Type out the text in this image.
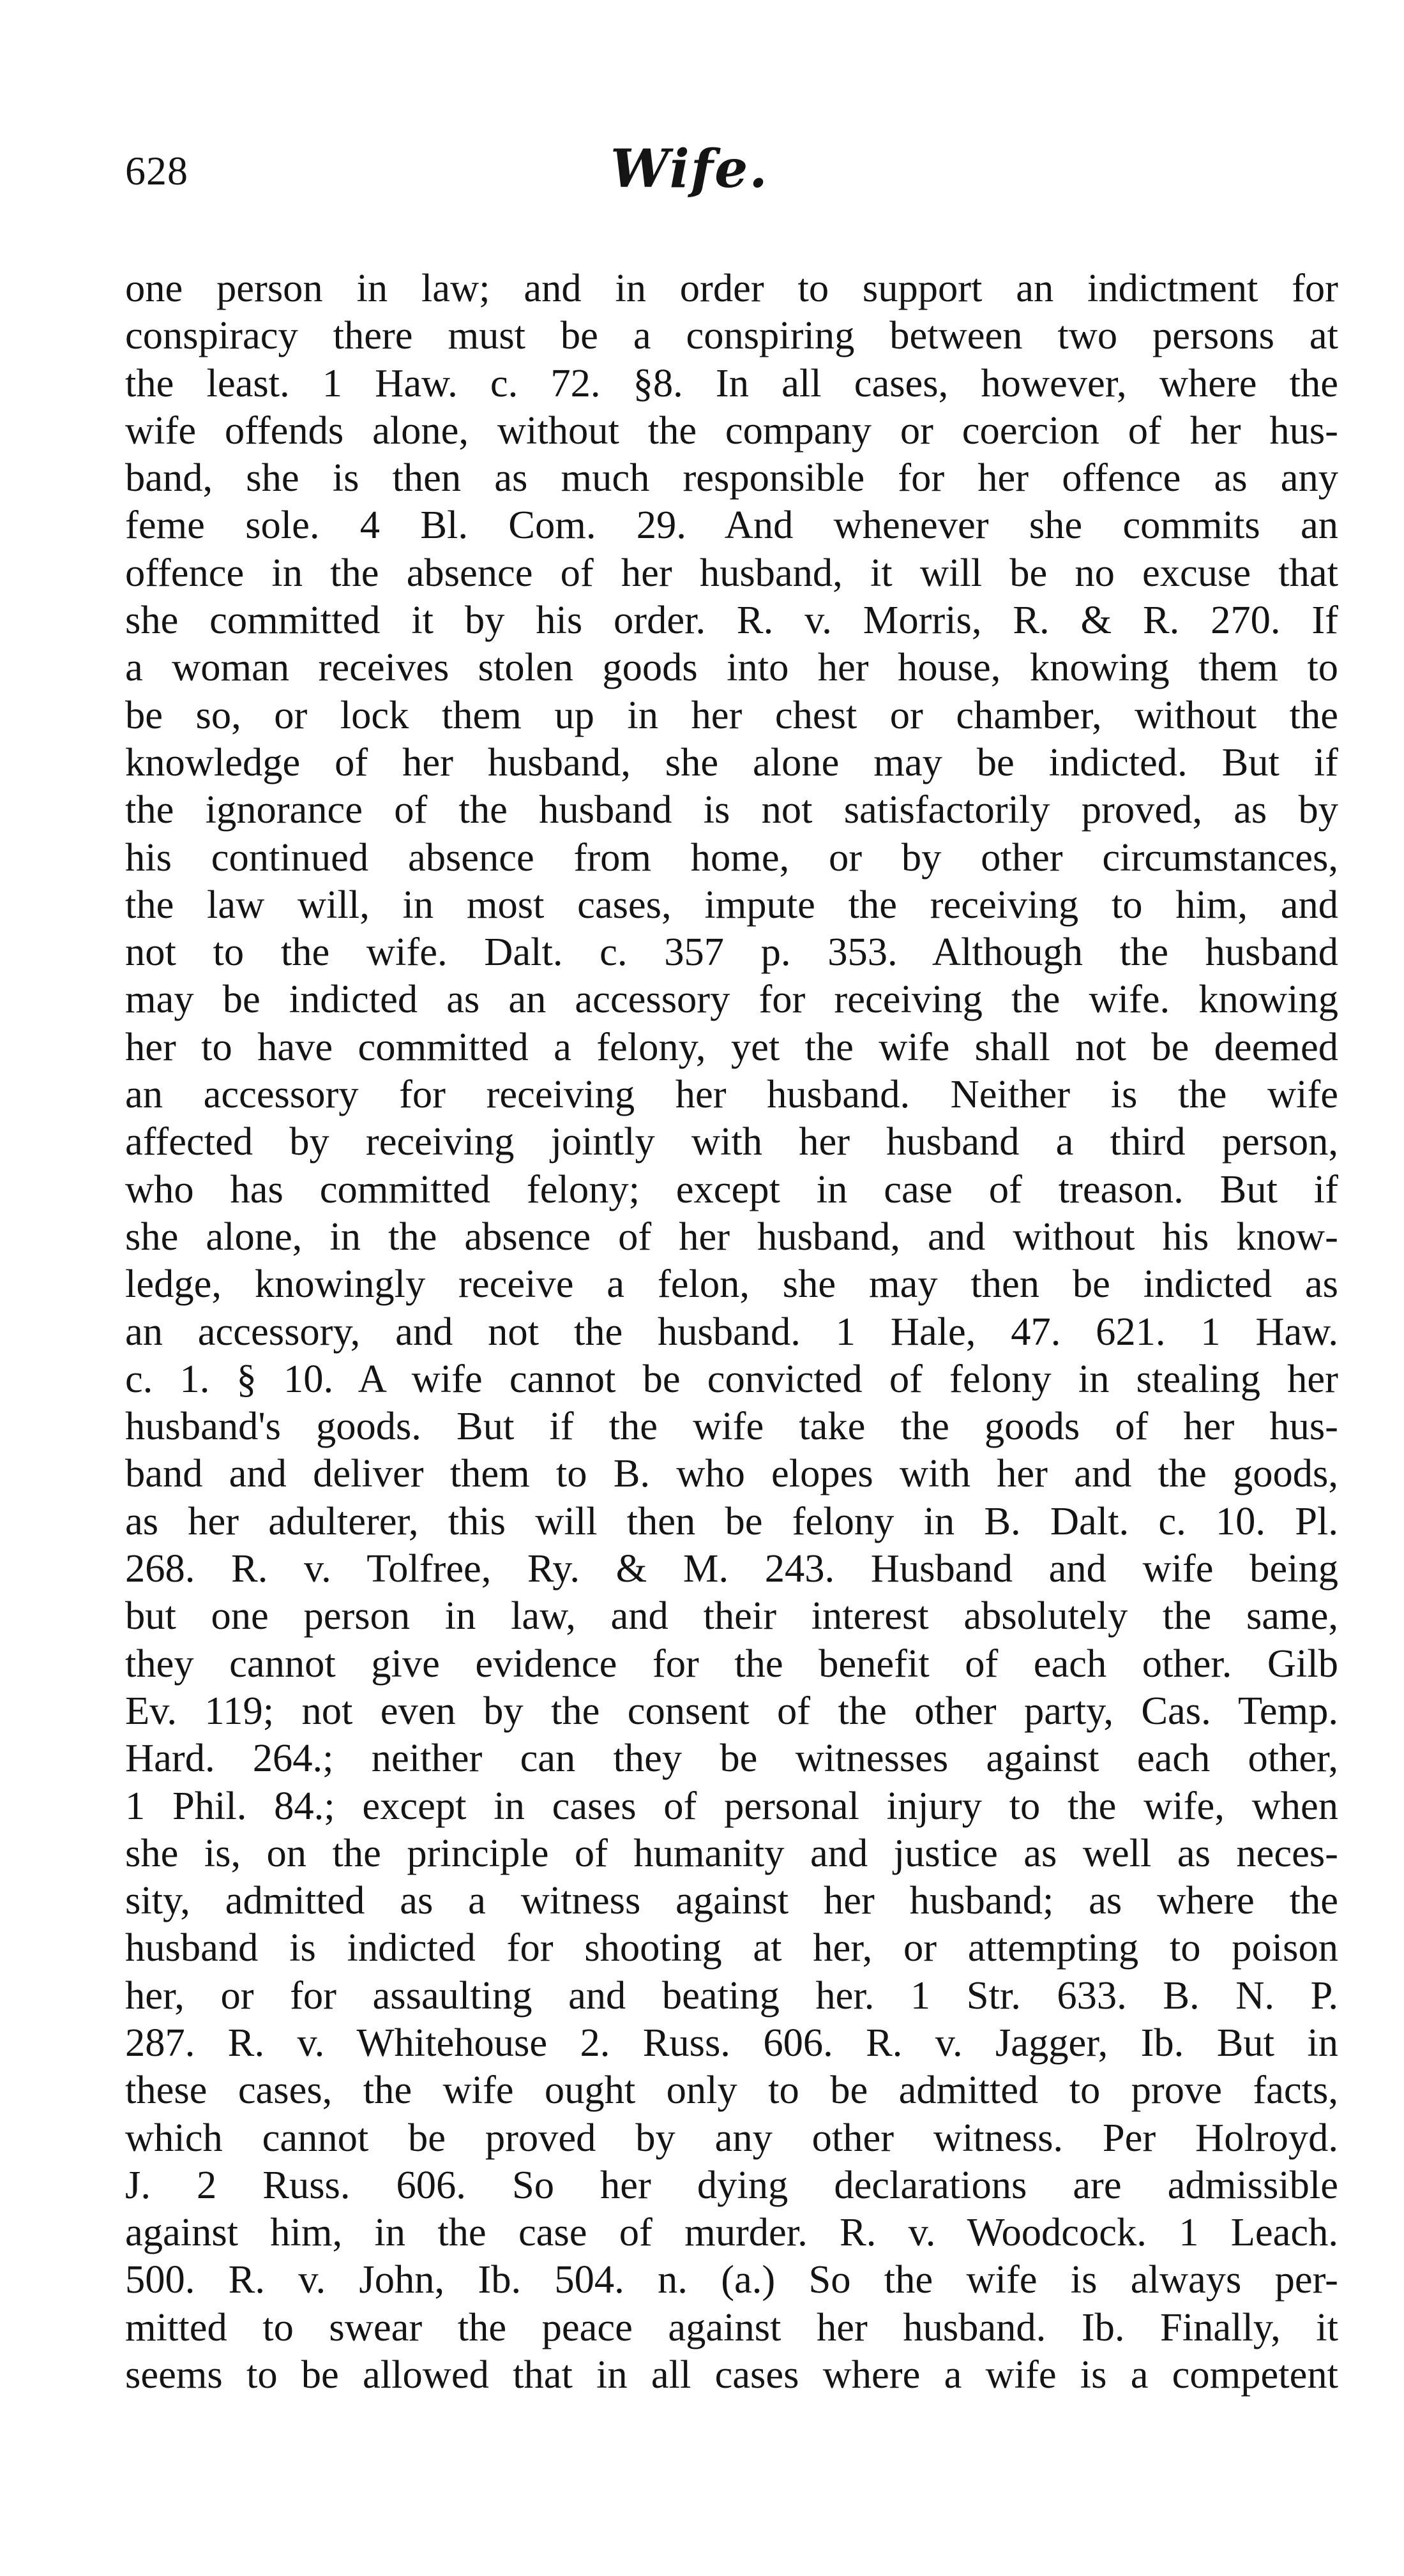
628	Wife.
one person in law; and in order to support an indictment for
conspiracy there must be a conspiring between two persons at
the least. 1 Haw. c. 72. §8. In all cases, however, where the
wife offends alone, without the company or coercion of her hus-
band, she is then as much responsible for her offence as any
feme sole. 4 Bl. Com. 29. And whenever she commits an
offence in the absence of her husband, it will be no excuse that
she committed it by his order. R. v. Morris, R. & R. 270. If
a woman receives stolen goods into her house, knowing them to
be so, or lock them up in her chest or chamber, without the
knowledge of her husband, she alone may be indicted. But if
the ignorance of the husband is not satisfactorily proved, as by
his continued absence from home, or by other circumstances,
the law will, in most cases, impute the receiving to him, and
not to the wife. Dalt. c. 357 p. 353. Although the husband
may be indicted as an accessory for receiving the wife. knowing
her to have committed a felony, yet the wife shall not be deemed
an accessory for receiving her husband. Neither is the wife
affected by receiving jointly with her husband a third person,
who has committed felony; except in case of treason. But if
she alone, in the absence of her husband, and without his know-
ledge, knowingly receive a felon, she may then be indicted as
an accessory, and not the husband. 1 Hale, 47. 621. 1 Haw.
c. 1. § 10. A wife cannot be convicted of felony in stealing her
husband's goods. But if the wife take the goods of her hus-
band and deliver them to B. who elopes with her and the goods,
as her adulterer, this will then be felony in B. Dalt. c. 10. Pl.
268. R. v. Tolfree, Ry. & M. 243. Husband and wife being
but one person in law, and their interest absolutely the same,
they cannot give evidence for the benefit of each other. Gilb
Ev. 119; not even by the consent of the other party, Cas. Temp.
Hard. 264.; neither can they be witnesses against each other,
1 Phil. 84.; except in cases of personal injury to the wife, when
she is, on the principle of humanity and justice as well as neces-
sity, admitted as a witness against her husband; as where the
husband is indicted for shooting at her, or attempting to poison
her, or for assaulting and beating her. 1 Str. 633. B. N. P.
287. R. v. Whitehouse 2. Russ. 606. R. v. Jagger, Ib. But in
these cases, the wife ought only to be admitted to prove facts,
which cannot be proved by any other witness. Per Holroyd.
J. 2 Russ. 606. So her dying declarations are admissible
against him, in the case of murder. R. v. Woodcock. 1 Leach.
500. R. v. John, Ib. 504. n. (a.) So the wife is always per-
mitted to swear the peace against her husband. Ib. Finally, it
seems to be allowed that in all cases where a wife is a competent
